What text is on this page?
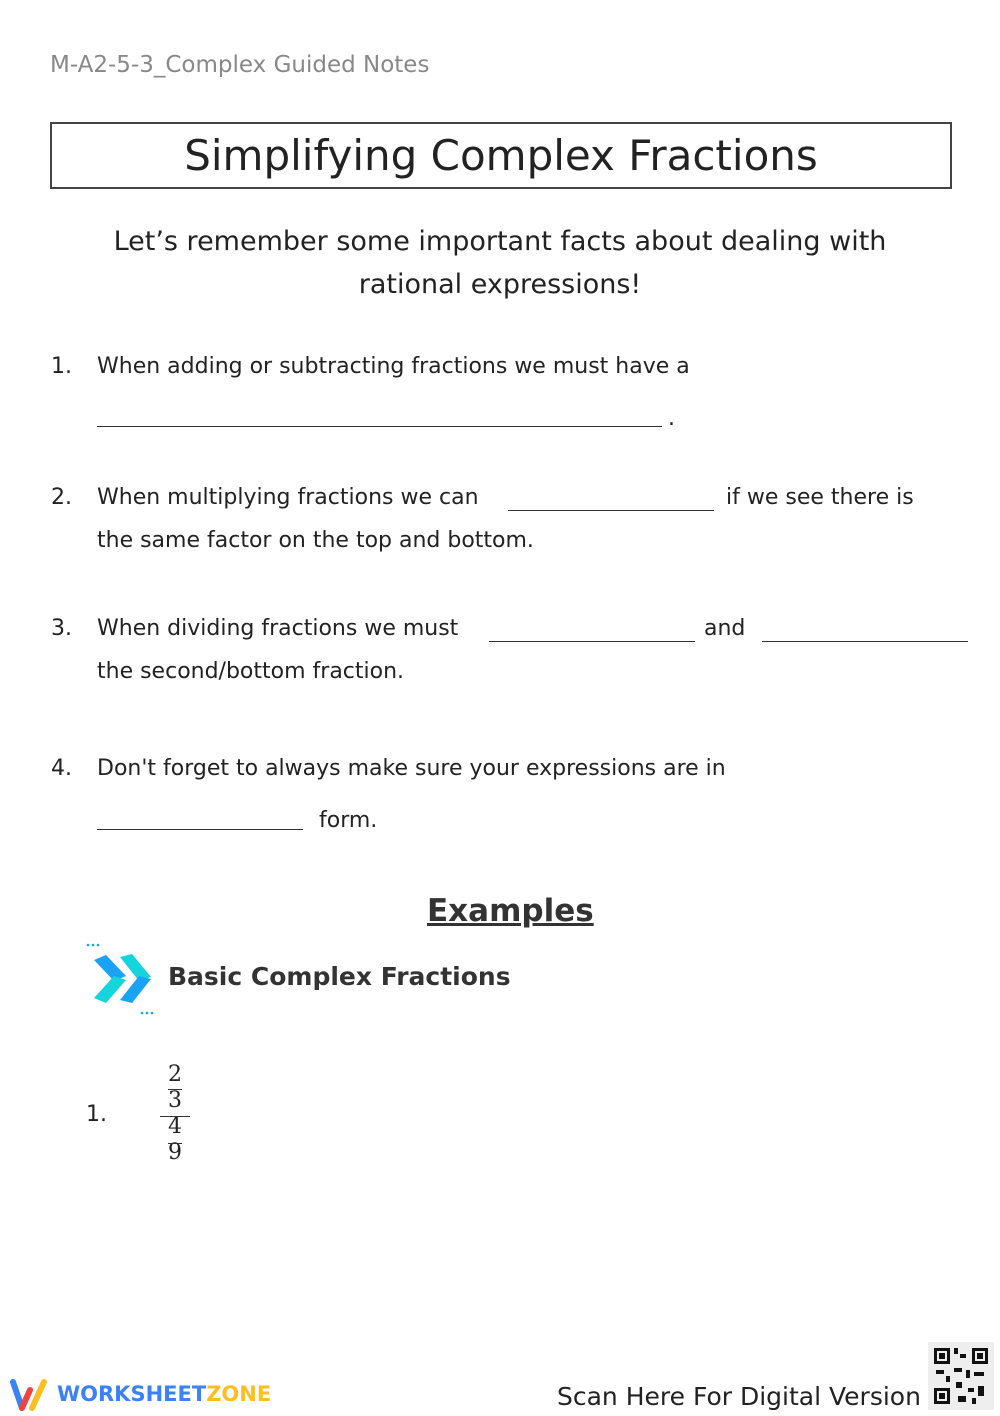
M-A2-5-3_Complex Guided Notes
Simplifying Complex Fractions
Let’s remember some important facts about dealing with
rational expressions!
1. When adding or subtracting fractions we must have a
.
2. When multiplying fractions we can	if we see there is
the same factor on the top and bottom.
3. When dividing fractions we must	and
the second/bottom fraction.
4. Don't forget to always make sure your expressions are in
form.
Examples
Basic Complex Fractions
1.
2
3
4
9
WORKSHEETZONE	Scan Here For Digital Version
